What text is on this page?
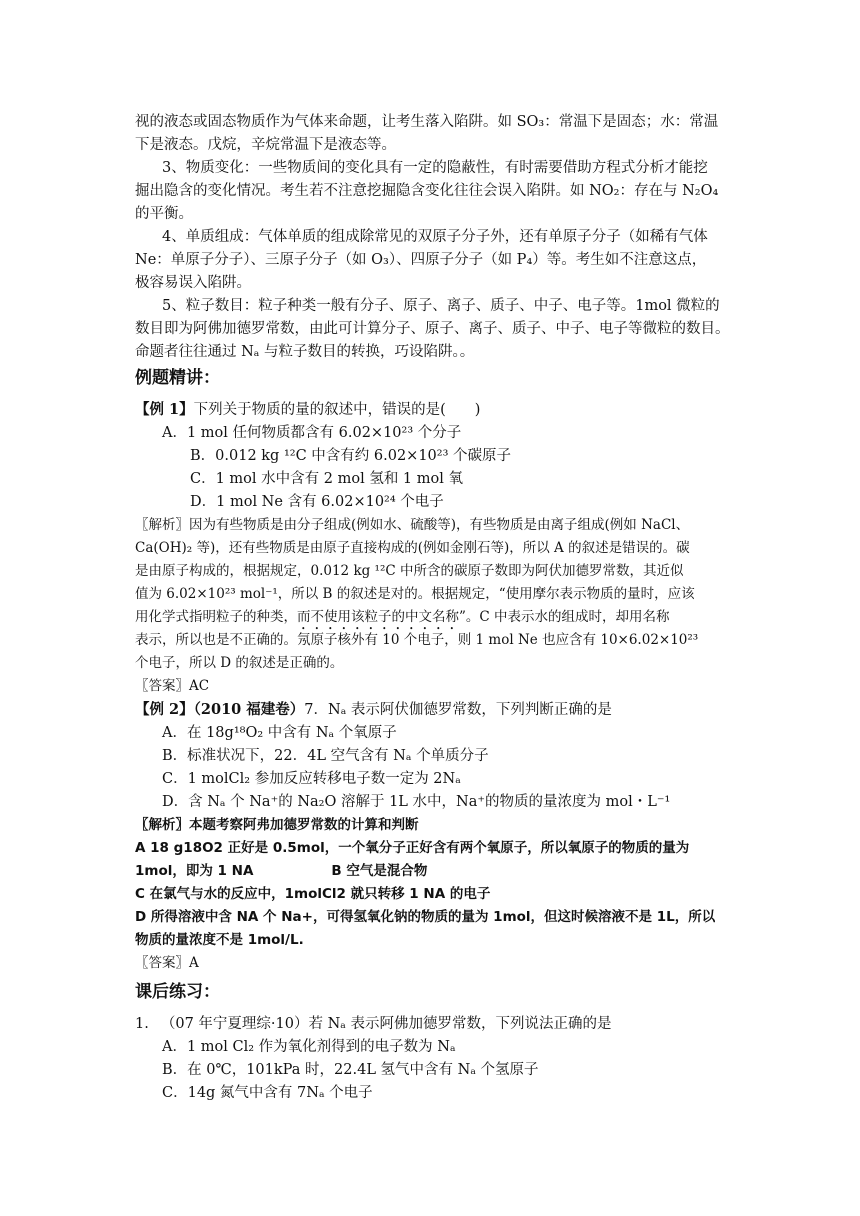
视的液态或固态物质作为气体来命题，让考生落入陷阱。如 SO₃：常温下是固态；水：常温
下是液态。戊烷，辛烷常温下是液态等。
3、物质变化：一些物质间的变化具有一定的隐蔽性，有时需要借助方程式分析才能挖
掘出隐含的变化情况。考生若不注意挖掘隐含变化往往会误入陷阱。如 NO₂：存在与 N₂O₄
的平衡。
4、单质组成：气体单质的组成除常见的双原子分子外，还有单原子分子（如稀有气体
Ne：单原子分子）、三原子分子（如 O₃）、四原子分子（如 P₄）等。考生如不注意这点，
极容易误入陷阱。
5、粒子数目：粒子种类一般有分子、原子、离子、质子、中子、电子等。1mol 微粒的
数目即为阿佛加德罗常数，由此可计算分子、原子、离子、质子、中子、电子等微粒的数目。
命题者往往通过 Nₐ 与粒子数目的转换，巧设陷阱。。
例题精讲：
【例 1】下列关于物质的量的叙述中，错误的是(　　)
A．1 mol 任何物质都含有 6.02×10²³ 个分子
B．0.012 kg ¹²C 中含有约 6.02×10²³ 个碳原子
C．1 mol 水中含有 2 mol 氢和 1 mol 氧
D．1 mol Ne 含有 6.02×10²⁴ 个电子
〖解析〗因为有些物质是由分子组成(例如水、硫酸等)，有些物质是由离子组成(例如 NaCl、
Ca(OH)₂ 等)，还有些物质是由原子直接构成的(例如金刚石等)，所以 A 的叙述是错误的。碳
是由原子构成的，根据规定，0.012 kg ¹²C 中所含的碳原子数即为阿伏加德罗常数，其近似
值为 6.02×10²³ mol⁻¹，所以 B 的叙述是对的。根据规定，“使用摩尔表示物质的量时，应该
用化学式指明粒子的种类，而不使用该粒子的中文名称”。C 中表示水的组成时，却用名称
表示，所以也是不正确的。氖原子核外有 10 个电子，则 1 mol Ne 也应含有 10×6.02×10²³
个电子，所以 D 的叙述是正确的。
〖答案〗AC
【例 2】（2010 福建卷）7．Nₐ 表示阿伏伽德罗常数，下列判断正确的是
A．在 18g¹⁸O₂ 中含有 Nₐ 个氧原子
B．标准状况下，22．4L 空气含有 Nₐ 个单质分子
C．1 molCl₂ 参加反应转移电子数一定为 2Nₐ
D．含 Nₐ 个 Na⁺的 Na₂O 溶解于 1L 水中，Na⁺的物质的量浓度为 mol・L⁻¹
〖解析〗本题考察阿弗加德罗常数的计算和判断
A 18 g18O2 正好是 0.5mol，一个氧分子正好含有两个氧原子，所以氧原子的物质的量为
1mol，即为 1 NA	B 空气是混合物
C 在氯气与水的反应中，1molCl2 就只转移 1 NA 的电子
D 所得溶液中含 NA 个 Na+，可得氢氧化钠的物质的量为 1mol，但这时候溶液不是 1L，所以
物质的量浓度不是 1mol/L.
〖答案〗A
课后练习：
1. （07 年宁夏理综·10）若 Nₐ 表示阿佛加德罗常数，下列说法正确的是
A．1 mol Cl₂ 作为氧化剂得到的电子数为 Nₐ
B．在 0℃，101kPa 时，22.4L 氢气中含有 Nₐ 个氢原子
C．14g 氮气中含有 7Nₐ 个电子
